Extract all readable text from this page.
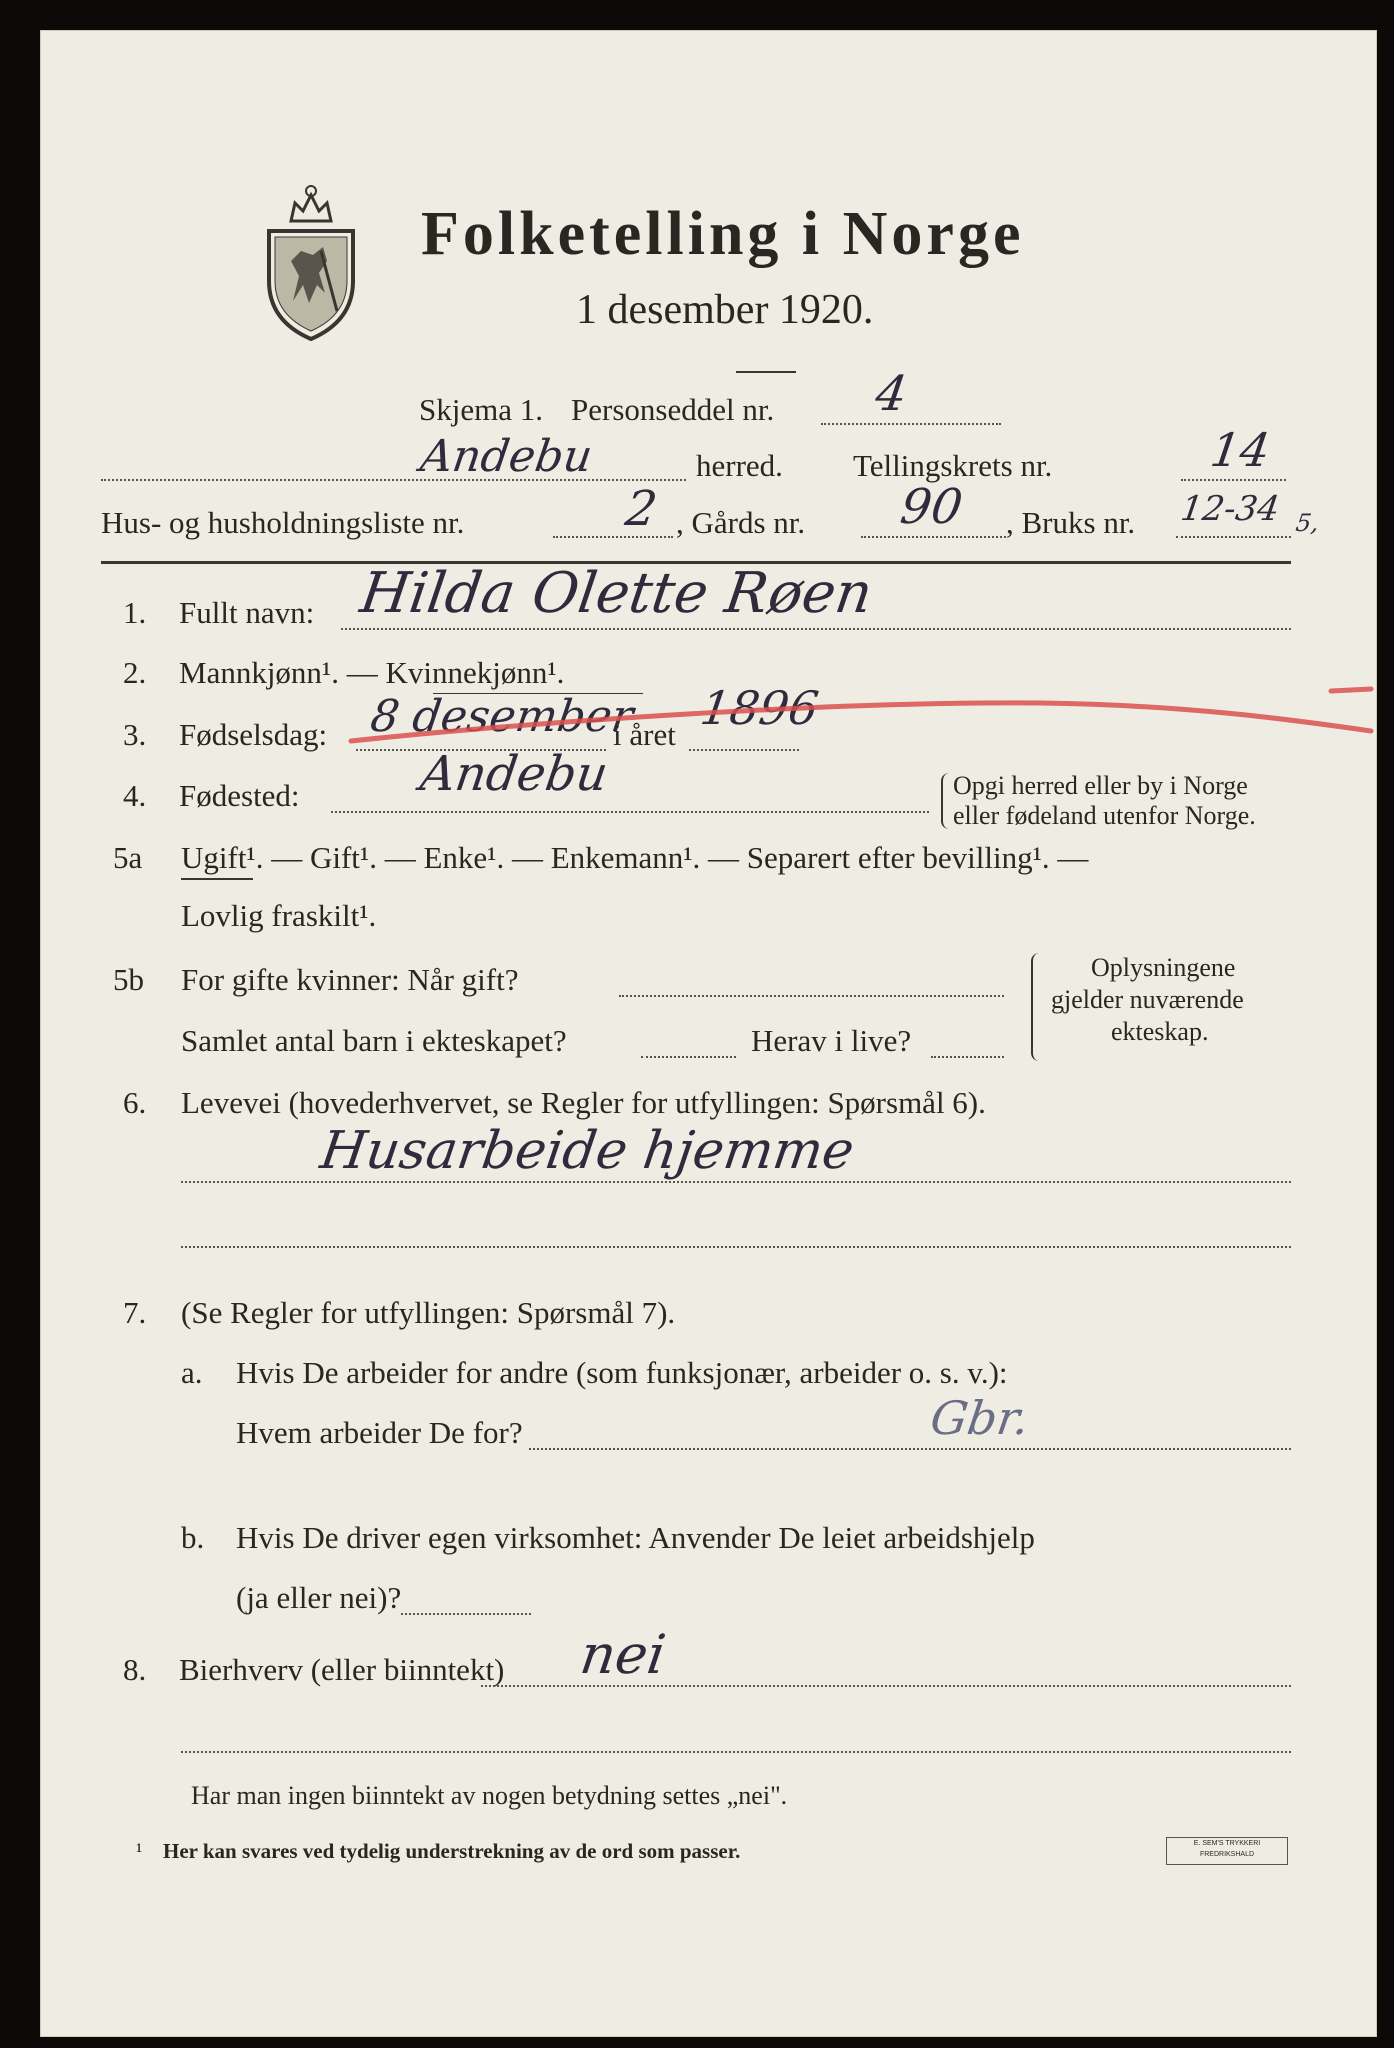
Folketelling i Norge
1 desember 1920.
Skjema 1. Personseddel nr. 4
Andebu	herred. Tellingskrets nr.	14
Hus- og husholdningsliste nr.	2 , Gårds nr. 90 , Bruks nr. 12-34 5,
1. Fullt navn: Hilda Olette Røen
2. Mannkjønn¹. — Kvinnekjønn¹.
3. Fødselsdag: 8 desember
i året 1896
4. Fødested: Andebu	Opgi herred eller by i Norge
eller fødeland utenfor Norge.
5a Ugift¹. — Gift¹. — Enke¹. — Enkemann¹. — Separert efter bevilling¹. —
Lovlig fraskilt¹.
5b For gifte kvinner: Når gift?
Samlet antal barn i ekteskapet?	Herav i live?
Oplysningene
gjelder nuværende
ekteskap.
6. Levevei (hovederhvervet, se Regler for utfyllingen: Spørsmål 6).
Husarbeide hjemme
7. (Se Regler for utfyllingen: Spørsmål 7).
a. Hvis De arbeider for andre (som funksjonær, arbeider o. s. v.):
Hvem arbeider De for?	Gbr.
b. Hvis De driver egen virksomhet: Anvender De leiet arbeidshjelp
(ja eller nei)?
8. Bierhverv (eller biinntekt) nei
Har man ingen biinntekt av nogen betydning settes „nei".
¹ Her kan svares ved tydelig understrekning av de ord som passer.	E. SEM'S TRYKKERI FREDRIKSHALD
